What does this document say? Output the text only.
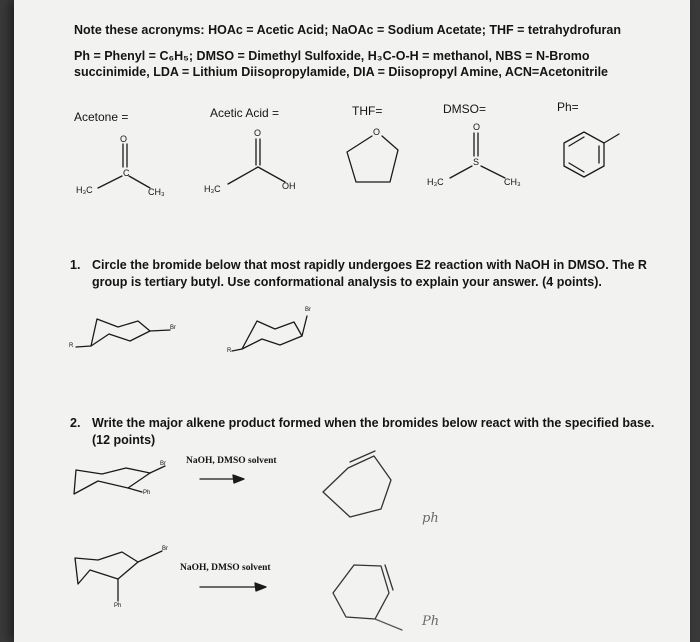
Note these acronyms: HOAc = Acetic Acid; NaOAc = Sodium Acetate; THF = tetrahydrofuran
Ph = Phenyl = C₆H₅; DMSO = Dimethyl Sulfoxide, H₃C-O-H = methanol, NBS = N-Bromo
succinimide, LDA = Lithium Diisopropylamide, DIA = Diisopropyl Amine, ACN=Acetonitrile
Acetone =	Acetic Acid =	THF=	DMSO=	Ph=
O
C
H₃C	CH₃
O
H₃C	OH
O	O
S
H₃C	CH₃
1. Circle the bromide below that most rapidly undergoes E2 reaction with NaOH in DMSO. The R group is tertiary butyl. Use conformational analysis to explain your answer. (4 points).
R
Br
R
Br
2. Write the major alkene product formed when the bromides below react with the specified base. (12 points)
NaOH, DMSO solvent
Br
Ph
ph
NaOH, DMSO solvent
Br
Ph
Ph
